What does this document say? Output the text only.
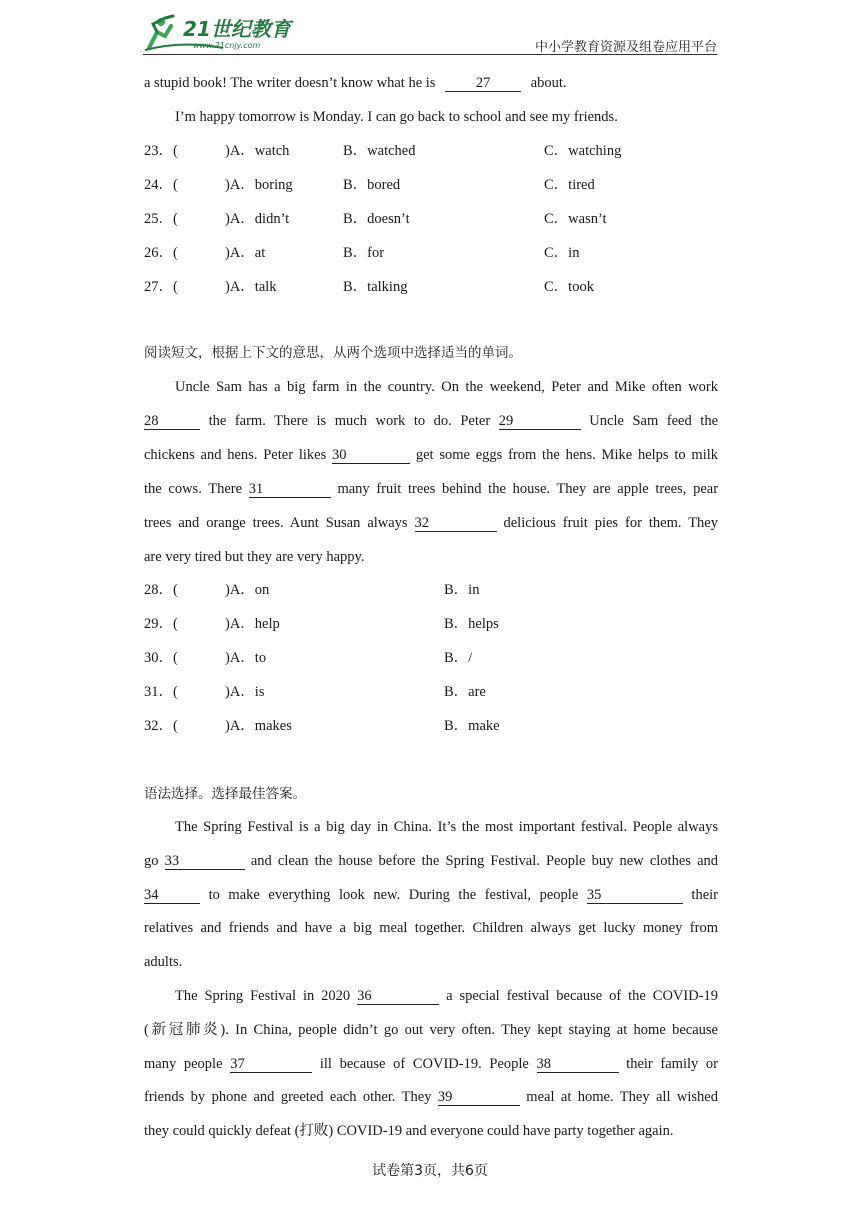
21世纪教育
www.21cnjy.com	中小学教育资源及组卷应用平台
a stupid book! The writer doesn’t know what he is	27	about.
I’m happy tomorrow is Monday. I can go back to school and see my friends.
23．(	)A．watch	B．watched	C．watching
24．(	)A．boring	B．bored	C．tired
25．(	)A．didn’t	B．doesn’t	C．wasn’t
26．(	)A．at	B．for	C．in
27．(	)A．talk	B．talking	C．took
阅读短文，根据上下文的意思，从两个选项中选择适当的单词。
Uncle Sam has a big farm in the country. On the weekend, Peter and Mike often work
28	the farm. There is much work to do. Peter 29	Uncle Sam feed the
chickens and hens. Peter likes 30	get some eggs from the hens. Mike helps to milk
the cows. There 31	many fruit trees behind the house. They are apple trees, pear
trees and orange trees. Aunt Susan always 32	delicious fruit pies for them. They
are very tired but they are very happy.
28．(	)A．on	B．in
29．(	)A．help	B．helps
30．(	)A．to	B．/
31．(	)A．is	B．are
32．(	)A．makes	B．make
语法选择。选择最佳答案。
The Spring Festival is a big day in China. It’s the most important festival. People always
go 33	and clean the house before the Spring Festival. People buy new clothes and
34	to make everything look new. During the festival, people 35	their
relatives and friends and have a big meal together. Children always get lucky money from
adults.
The Spring Festival in 2020 36	a special festival because of the COVID-19
(新冠肺炎). In China, people didn’t go out very often. They kept staying at home because
many people 37	ill because of COVID-19. People 38	their family or
friends by phone and greeted each other. They 39	meal at home. They all wished
they could quickly defeat (打败) COVID-19 and everyone could have party together again.
试卷第3页，共6页
